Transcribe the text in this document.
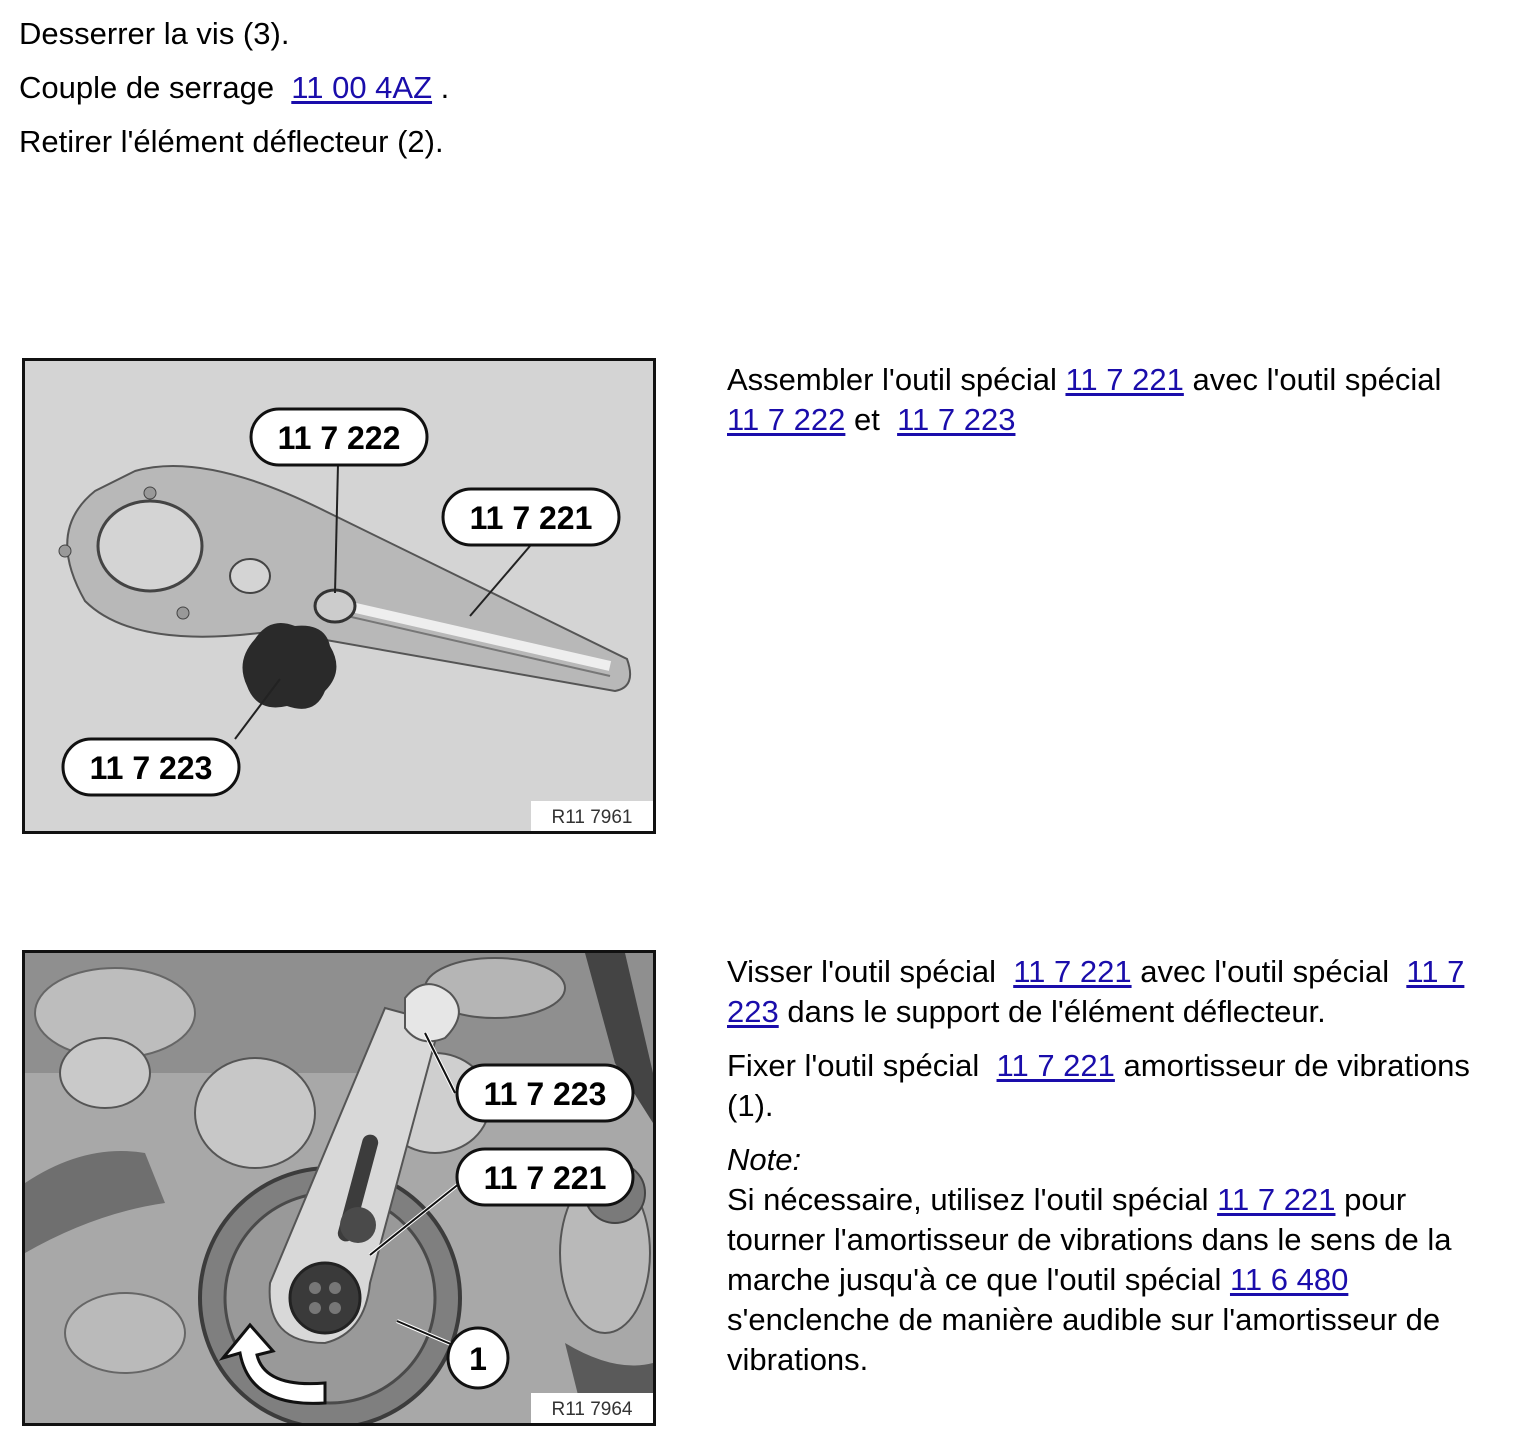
Desserrer la vis (3).

Couple de serrage 11 00 4AZ .

Retirer l'élément déflecteur (2).

11 7 222
11 7 221
11 7 223
R11 7961

Assembler l'outil spécial 11 7 221 avec l'outil spécial
11 7 222 et 11 7 223

11 7 223
11 7 221
1
R11 7964

Visser l'outil spécial 11 7 221 avec l'outil spécial 11 7
223 dans le support de l'élément déflecteur.

Fixer l'outil spécial 11 7 221 amortisseur de vibrations
(1).

Note:
Si nécessaire, utilisez l'outil spécial 11 7 221 pour
tourner l'amortisseur de vibrations dans le sens de la
marche jusqu'à ce que l'outil spécial 11 6 480
s'enclenche de manière audible sur l'amortisseur de
vibrations.
